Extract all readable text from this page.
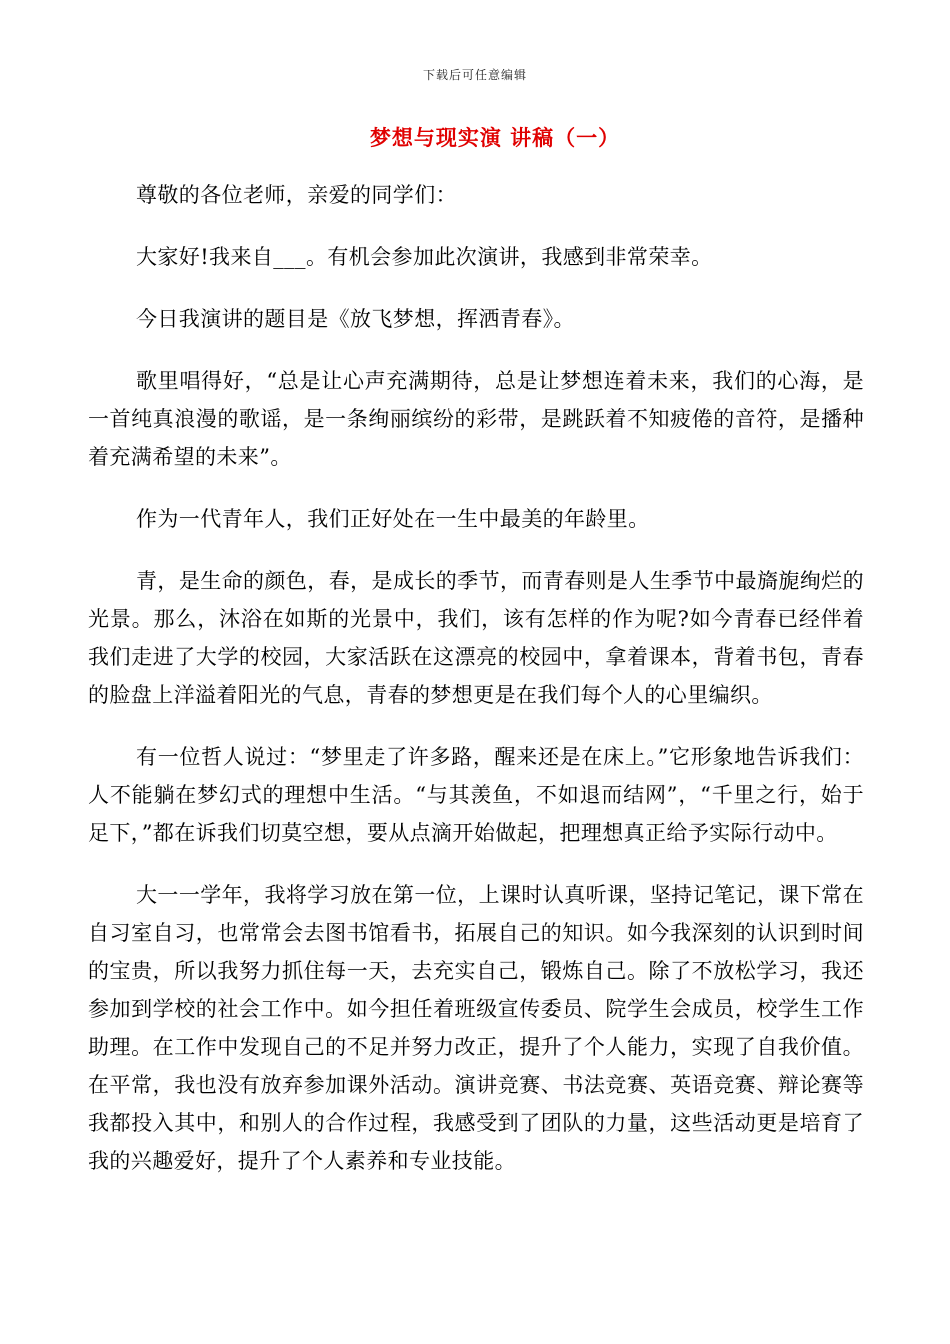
下载后可任意编辑
梦想与现实演 讲稿（一）

尊敬的各位老师，亲爱的同学们：

大家好!我来自___。有机会参加此次演讲，我感到非常荣幸。

今日我演讲的题目是《放飞梦想，挥洒青春》。

歌里唱得好，“总是让心声充满期待，总是让梦想连着未来，我们的心海，是一首纯真浪漫的歌谣，是一条绚丽缤纷的彩带，是跳跃着不知疲倦的音符，是播种着充满希望的未来”。

作为一代青年人，我们正好处在一生中最美的年龄里。

青，是生命的颜色，春，是成长的季节，而青春则是人生季节中最旖旎绚烂的光景。那么，沐浴在如斯的光景中，我们，该有怎样的作为呢?如今青春已经伴着我们走进了大学的校园，大家活跃在这漂亮的校园中，拿着课本，背着书包，青春的脸盘上洋溢着阳光的气息，青春的梦想更是在我们每个人的心里编织。

有一位哲人说过：“梦里走了许多路，醒来还是在床上。”它形象地告诉我们：人不能躺在梦幻式的理想中生活。“与其羡鱼，不如退而结网”，“千里之行，始于足下，”都在诉我们切莫空想，要从点滴开始做起，把理想真正给予实际行动中。

大一一学年，我将学习放在第一位，上课时认真听课，坚持记笔记，课下常在自习室自习，也常常会去图书馆看书，拓展自己的知识。如今我深刻的认识到时间的宝贵，所以我努力抓住每一天，去充实自己，锻炼自己。除了不放松学习，我还参加到学校的社会工作中。如今担任着班级宣传委员、院学生会成员，校学生工作助理。在工作中发现自己的不足并努力改正，提升了个人能力，实现了自我价值。在平常，我也没有放弃参加课外活动。演讲竞赛、书法竞赛、英语竞赛、辩论赛等我都投入其中，和别人的合作过程，我感受到了团队的力量，这些活动更是培育了我的兴趣爱好，提升了个人素养和专业技能。
